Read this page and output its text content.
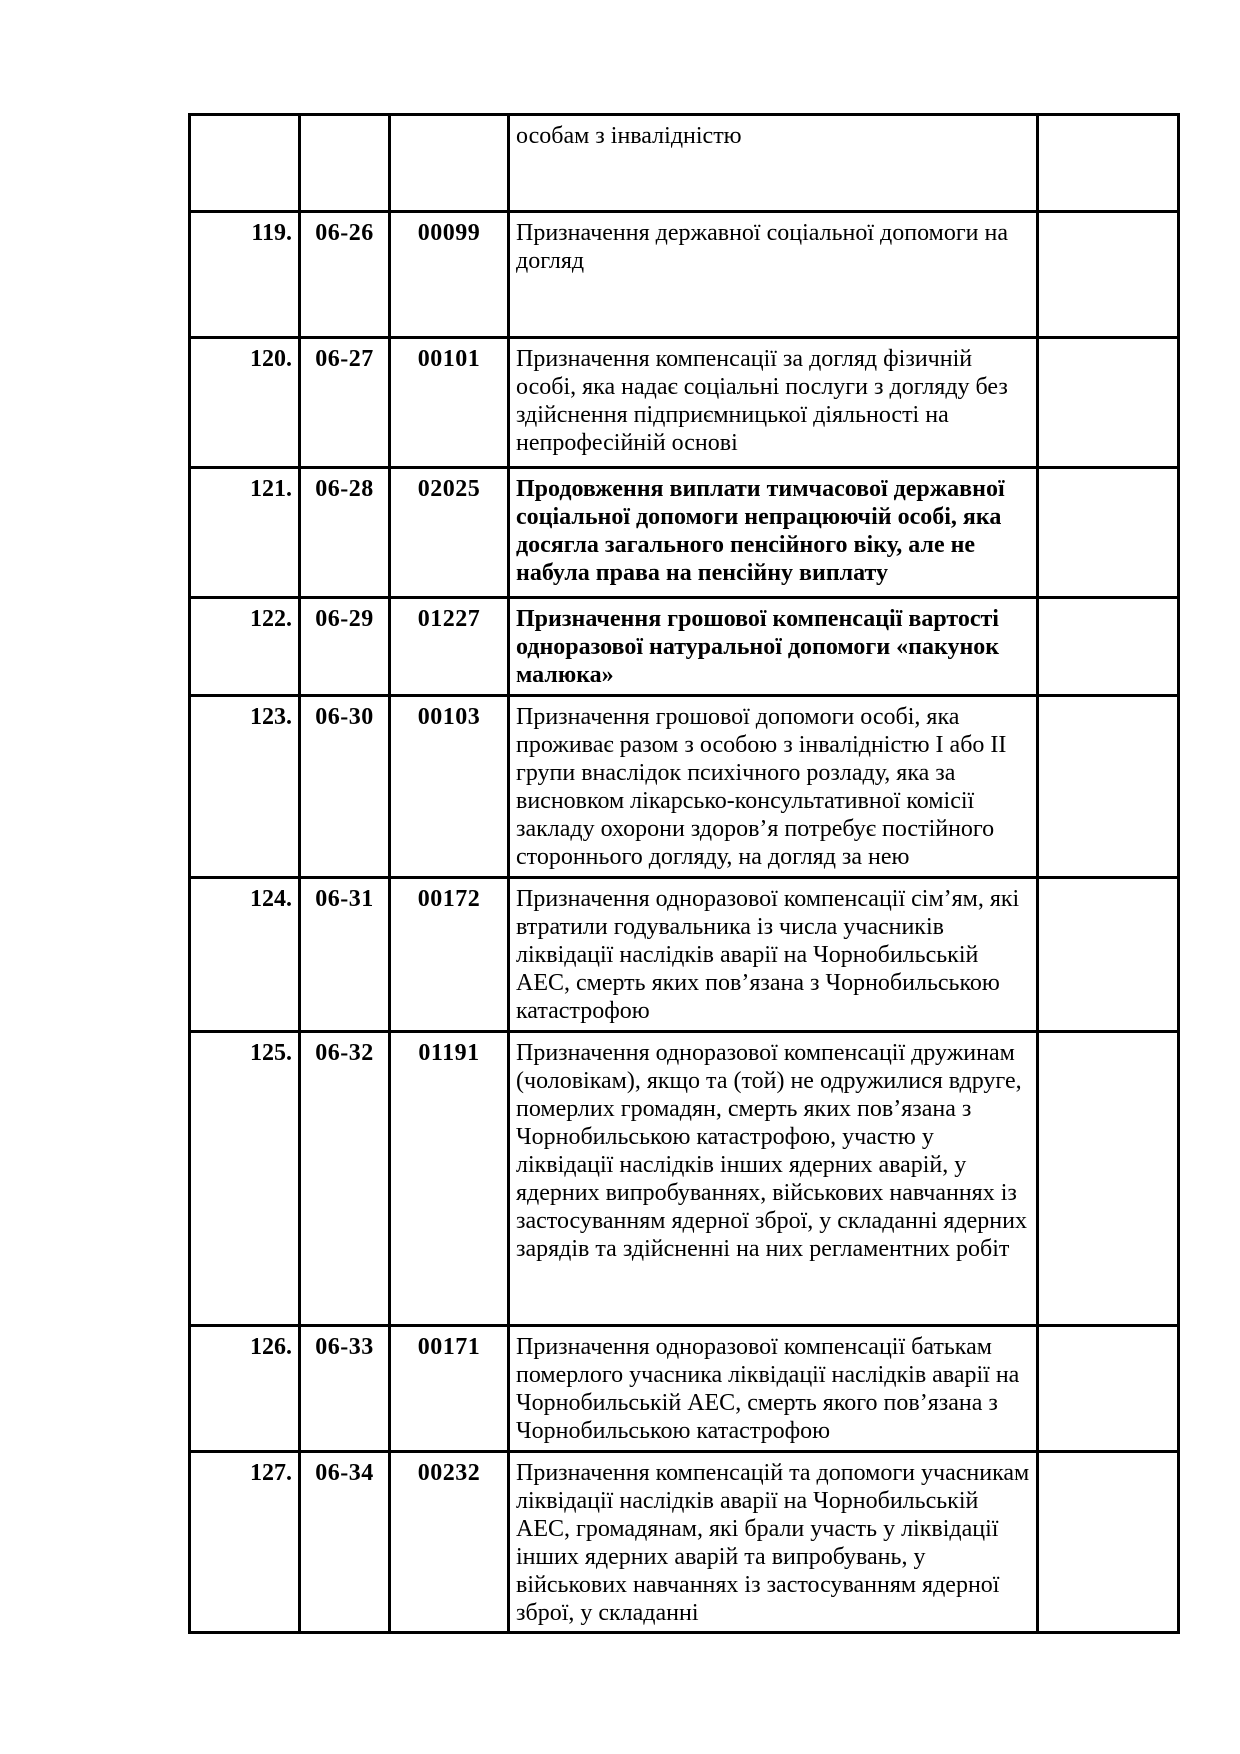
			особам з інвалідністю	
119.	06-26	00099	Призначення державної соціальної допомоги на догляд	
120.	06-27	00101	Призначення компенсації за догляд фізичній особі, яка надає соціальні послуги з догляду без здійснення підприємницької діяльності на непрофесійній основі	
121.	06-28	02025	Продовження виплати тимчасової державної соціальної допомоги непрацюючій особі, яка досягла загального пенсійного віку, але не набула права на пенсійну виплату	
122.	06-29	01227	Призначення грошової компенсації вартості одноразової натуральної допомоги «пакунок малюка»	
123.	06-30	00103	Призначення грошової допомоги особі, яка проживає разом з особою з інвалідністю І або ІІ групи внаслідок психічного розладу, яка за висновком лікарсько-консультативної комісії закладу охорони здоров’я потребує постійного стороннього догляду, на догляд за нею	
124.	06-31	00172	Призначення одноразової компенсації сім’ям, які втратили годувальника із числа учасників ліквідації наслідків аварії на Чорнобильській АЕС, смерть яких пов’язана з Чорнобильською катастрофою	
125.	06-32	01191	Призначення одноразової компенсації дружинам (чоловікам), якщо та (той) не одружилися вдруге, померлих громадян, смерть яких пов’язана з Чорнобильською катастрофою, участю у ліквідації наслідків інших ядерних аварій, у ядерних випробуваннях, військових навчаннях із застосуванням ядерної зброї, у складанні ядерних зарядів та здійсненні на них регламентних робіт	
126.	06-33	00171	Призначення одноразової компенсації батькам померлого учасника ліквідації наслідків аварії на Чорнобильській АЕС, смерть якого пов’язана з Чорнобильською катастрофою	
127.	06-34	00232	Призначення компенсацій та допомоги учасникам ліквідації наслідків аварії на Чорнобильській АЕС, громадянам, які брали участь у ліквідації інших ядерних аварій та випробувань, у військових навчаннях із застосуванням ядерної зброї, у складанні	
